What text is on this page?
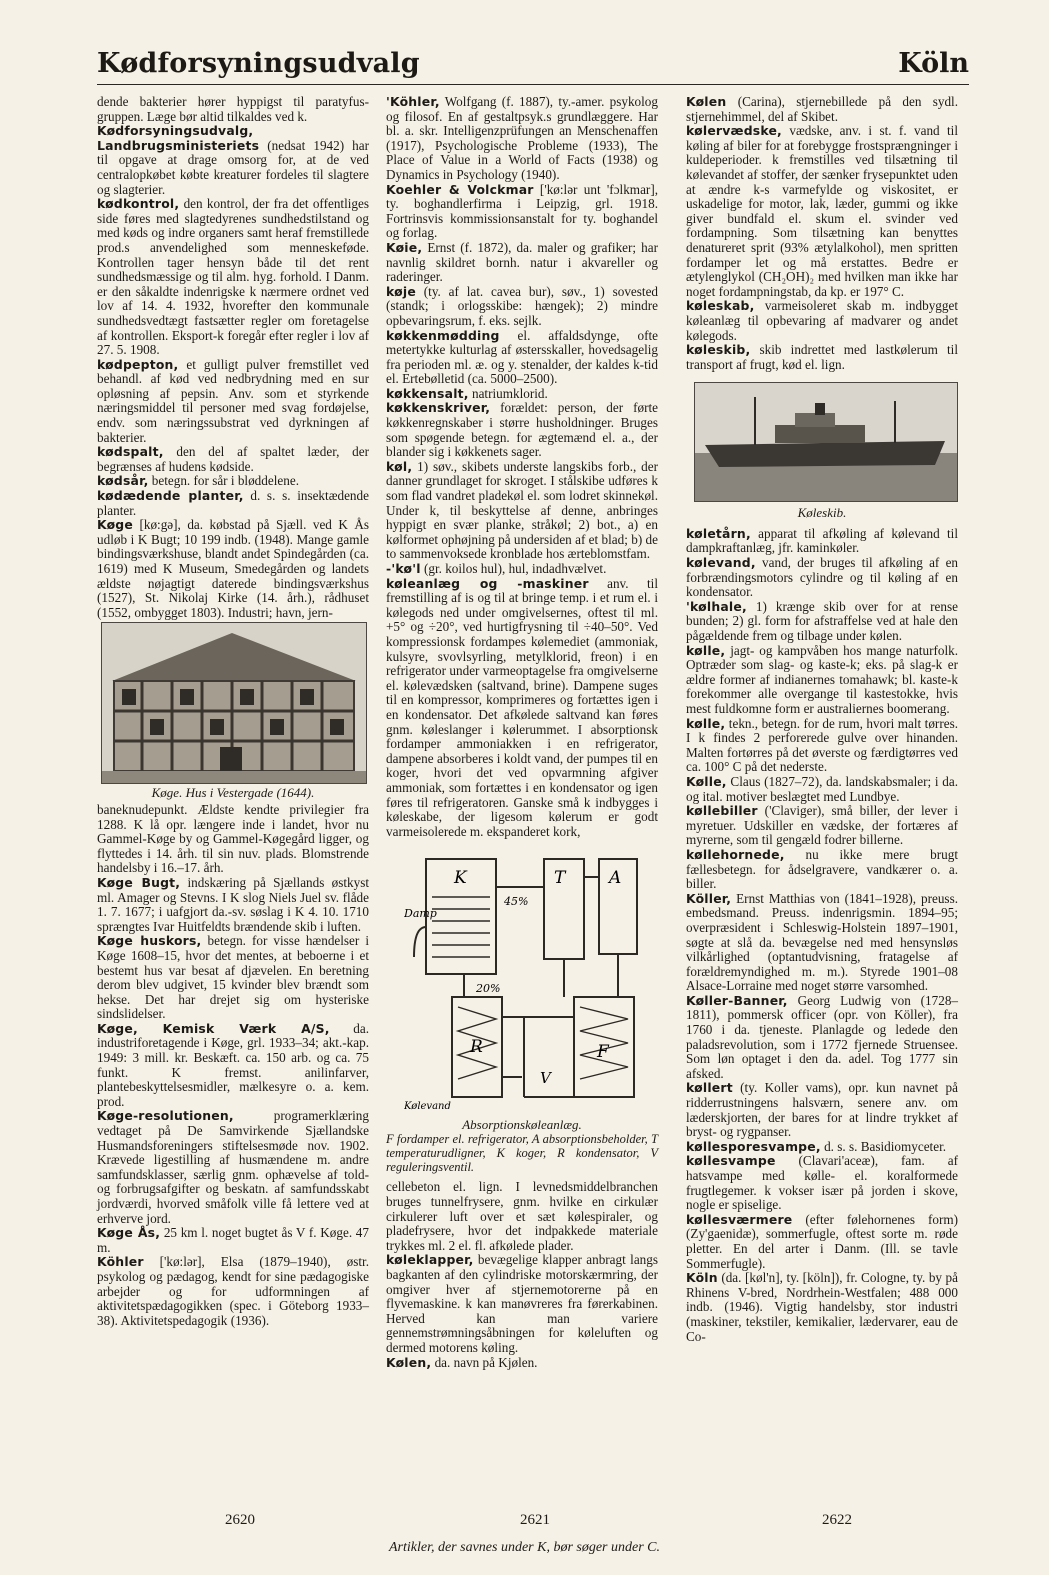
Kødforsyningsudvalg	Köln

dende bakterier hører hyppigst til paratyfus-gruppen. Læge bør altid tilkaldes ved k.

Kødforsyningsudvalg, Landbrugsministeriets (nedsat 1942) har til opgave at drage omsorg for, at de ved centralopkøbet købte kreaturer fordeles til slagtere og slagterier.

kødkontrol, den kontrol, der fra det offentliges side føres med slagtedyrenes sundhedstilstand og med køds og indre organers samt heraf fremstillede prod.s anvendelighed som menneskeføde. Kontrollen tager hensyn både til det rent sundhedsmæssige og til alm. hyg. forhold. I Danm. er den såkaldte indenrigske k nærmere ordnet ved lov af 14. 4. 1932, hvorefter den kommunale sundhedsvedtægt fastsætter regler om foretagelse af kontrollen. Eksport-k foregår efter regler i lov af 27. 5. 1908.

kødpepton, et gulligt pulver fremstillet ved behandl. af kød ved nedbrydning med en sur opløsning af pepsin. Anv. som et styrkende næringsmiddel til personer med svag fordøjelse, endv. som næringssubstrat ved dyrkningen af bakterier.

kødspalt, den del af spaltet læder, der begrænses af hudens kødside.

kødsår, betegn. for sår i bløddelene.

kødædende planter, d. s. s. insektædende planter.

Køge [kø:gə], da. købstad på Sjæll. ved K Ås udløb i K Bugt; 10 199 indb. (1948). Mange gamle bindingsværkshuse, blandt andet Spindegården (ca. 1619) med K Museum, Smedegården og landets ældste nøjagtigt daterede bindingsværkshus (1527), St. Nikolaj Kirke (14. årh.), rådhuset (1552, ombygget 1803). Industri; havn, jern-

Køge. Hus i Vestergade (1644).

baneknudepunkt. Ældste kendte privilegier fra 1288. K lå opr. længere inde i landet, hvor nu Gammel-Køge by og Gammel-Køgegård ligger, og flyttedes i 14. årh. til sin nuv. plads. Blomstrende handelsby i 16.–17. årh.

Køge Bugt, indskæring på Sjællands østkyst ml. Amager og Stevns. I K slog Niels Juel sv. flåde 1. 7. 1677; i uafgjort da.-sv. søslag i K 4. 10. 1710 sprængtes Ivar Huitfeldts brændende skib i luften.

Køge huskors, betegn. for visse hændelser i Køge 1608–15, hvor det mentes, at beboerne i et bestemt hus var besat af djævelen. En beretning derom blev udgivet, 15 kvinder blev brændt som hekse. Det har drejet sig om hysteriske sindslidelser.

Køge, Kemisk Værk A/S, da. industriforetagende i Køge, grl. 1933–34; akt.-kap. 1949: 3 mill. kr. Beskæft. ca. 150 arb. og ca. 75 funkt. K fremst. anilinfarver, plantebeskyttelsesmidler, mælkesyre o. a. kem. prod.

Køge-resolutionen,	programerklæring vedtaget på De Samvirkende Sjællandske Husmandsforeningers stiftelsesmøde nov. 1902. Krævede ligestilling af husmændene m. andre samfundsklasser, særlig gnm. ophævelse af told- og forbrugsafgifter og beskatn. af samfundsskabt jordværdi, hvorved småfolk ville få lettere ved at erhverve jord.

Køge Ås, 25 km l. noget bugtet ås V f. Køge. 47 m.

Köhler ['kø:lər], Elsa (1879–1940), østr. psykolog og pædagog, kendt for sine pædagogiske arbejder og for udformningen af aktivitetspædagogikken (spec. i Göteborg 1933–38). Aktivitetspedagogik (1936).

'Köhler, Wolfgang (f. 1887), ty.-amer. psykolog og filosof. En af gestaltpsyk.s grundlæggere. Har bl. a. skr. Intelligenzprüfungen an Menschenaffen (1917), Psychologische Probleme (1933), The Place of Value in a World of Facts (1938) og Dynamics in Psychology (1940).

Koehler & Volckmar ['kø:lər unt 'fɔlkmar], ty. boghandlerfirma i Leipzig, grl. 1918. Fortrinsvis kommissionsanstalt for ty. boghandel og forlag.

Køie, Ernst (f. 1872), da. maler og grafiker; har navnlig skildret bornh. natur i akvareller og raderinger.

køje (ty. af lat. cavea bur), søv., 1) sovested (standk; i orlogsskibe: hængek); 2) mindre opbevaringsrum, f. eks. sejlk.

køkkenmødding el. affaldsdynge, ofte metertykke kulturlag af østersskaller, hovedsagelig fra perioden ml. æ. og y. stenalder, der kaldes k-tid el. Ertebølletid (ca. 5000–2500).

køkkensalt, natriumklorid.

køkkenskriver, forældet: person, der førte køkkenregnskaber i større husholdninger. Bruges som spøgende betegn. for ægtemænd el. a., der blander sig i køkkenets sager.

køl, 1) søv., skibets underste langskibs forb., der danner grundlaget for skroget. I stålskibe udføres k som flad vandret pladekøl el. som lodret skinnekøl. Under k, til beskyttelse af denne, anbringes hyppigt en svær planke, stråkøl; 2) bot., a) en kølformet ophøjning på undersiden af et blad; b) de to sammenvoksede kronblade hos ærteblomstfam.

-'kø'l (gr. koilos hul), hul, indadhvælvet.

køleanlæg og -maskiner anv. til fremstilling af is og til at bringe temp. i et rum el. i kølegods ned under omgivelsernes, oftest til ml. +5° og ÷20°, ved hurtigfrysning til ÷40–50°. Ved kompressionsk fordampes kølemediet (ammoniak, kulsyre, svovlsyrling, metylklorid, freon) i en refrigerator under varmeoptagelse fra omgivelserne el. kølevædsken (saltvand, brine). Dampene suges til en kompressor, komprimeres og fortættes igen i en kondensator. Det afkølede saltvand kan føres gnm. køleslanger i kølerummet. I absorptionsk fordamper ammoniakken i en refrigerator, dampene absorberes i koldt vand, der pumpes til en koger, hvori det ved opvarmning afgiver ammoniak, som fortættes i en kondensator og igen føres til refrigeratoren. Ganske små k indbygges i køleskabe, der ligesom kølerum er godt varmeisolerede m. ekspanderet kork,

K	T	A
F
R
V
Damp
45%
20%
Kølevand
Absorptionskøleanlæg.
F fordamper el. refrigerator, A absorptionsbeholder, T temperaturudligner, K koger, R kondensator, V reguleringsventil.

cellebeton el. lign. I levnedsmiddelbranchen bruges tunnelfrysere, gnm. hvilke en cirkulær cirkulerer luft over et sæt kølespiraler, og pladefrysere, hvor det indpakkede materiale trykkes ml. 2 el. fl. afkølede plader.

køleklapper, bevægelige klapper anbragt langs bagkanten af den cylindriske motorskærmring, der omgiver hver af stjernemotorerne på en flyvemaskine. k kan manøvreres fra førerkabinen. Herved kan man variere gennemstrømningsåbningen for køleluften og dermed motorens køling.

Kølen, da. navn på Kjølen.

Kølen (Carina), stjernebillede på den sydl. stjernehimmel, del af Skibet.

kølervædske, vædske, anv. i st. f. vand til køling af biler for at forebygge frostsprængninger i kuldeperioder. k fremstilles ved tilsætning til kølevandet af stoffer, der sænker frysepunktet uden at ændre k-s varmefylde og viskositet, er uskadelige for motor, lak, læder, gummi og ikke giver bundfald el. skum el. svinder ved fordampning. Som tilsætning kan benyttes denatureret sprit (93% ætylalkohol), men spritten fordamper let og må erstattes. Bedre er ætylenglykol (CH₂OH)₂ med hvilken man ikke har noget fordampningstab, da kp. er 197° C.

køleskab, varmeisoleret skab m. indbygget køleanlæg til opbevaring af madvarer og andet kølegods.

køleskib, skib indrettet med lastkølerum til transport af frugt, kød el. lign.

Køleskib.

køletårn, apparat til afkøling af kølevand til dampkraftanlæg, jfr. kaminkøler.

kølevand, vand, der bruges til afkøling af en forbrændingsmotors cylindre og til køling af en kondensator.

'kølhale, 1) krænge skib over for at rense bunden; 2) gl. form for afstraffelse ved at hale den pågældende frem og tilbage under kølen.

kølle, jagt- og kampvåben hos mange naturfolk. Optræder som slag- og kaste-k; eks. på slag-k er ældre former af indianernes tomahawk; bl. kaste-k forekommer alle overgange til kastestokke, hvis mest fuldkomne form er australiernes boomerang.

kølle, tekn., betegn. for de rum, hvori malt tørres. I k findes 2 perforerede gulve over hinanden. Malten fortørres på det øverste og færdigtørres ved ca. 100° C på det nederste.

Kølle, Claus (1827–72), da. landskabsmaler; i da. og ital. motiver beslægtet med Lundbye.

køllebiller ('Claviger), små biller, der lever i myretuer. Udskiller en vædske, der fortæres af myrerne, som til gengæld fodrer billerne.

køllehornede, nu ikke mere brugt fællesbetegn. for ådselgravere, vandkærer o. a. biller.

Köller, Ernst Matthias von (1841–1928), preuss. embedsmand. Preuss. indenrigsmin. 1894–95; overpræsident i Schleswig-Holstein 1897–1901, søgte at slå da. bevægelse ned med hensynsløs vilkårlighed (optantudvisning, fratagelse af forældremyndighed m. m.). Styrede 1901–08 Alsace-Lorraine med noget større varsomhed.

Køller-Banner, Georg Ludwig von (1728–1811), pommersk officer (opr. von Köller), fra 1760 i da. tjeneste. Planlagde og ledede den paladsrevolution, som i 1772 fjernede Struensee. Som løn optaget i den da. adel. Tog 1777 sin afsked.

køllert (ty. Koller vams), opr. kun navnet på ridderrustningens halsværn, senere anv. om læderskjorten, der bares for at lindre trykket af bryst- og rygpanser.

køllesporesvampe, d. s. s. Basidiomyceter.

køllesvampe (Clavari'aceæ), fam. af hatsvampe med kølle- el. koralformede frugtlegemer. k vokser især på jorden i skove, nogle er spiselige.

køllesværmere (efter følehornenes form) (Zy'gaenidæ), sommerfugle, oftest sorte m. røde pletter. En del arter i Danm. (Ill. se tavle Sommerfugle).

Köln (da. [køl'n], ty. [köln]), fr. Cologne, ty. by på Rhinens V-bred, Nordrhein-Westfalen; 488 000 indb. (1946). Vigtig handelsby, stor industri (maskiner, tekstiler, kemikalier, lædervarer, eau de Co-

2620	2621	2622
Artikler, der savnes under K, bør søger under C.
